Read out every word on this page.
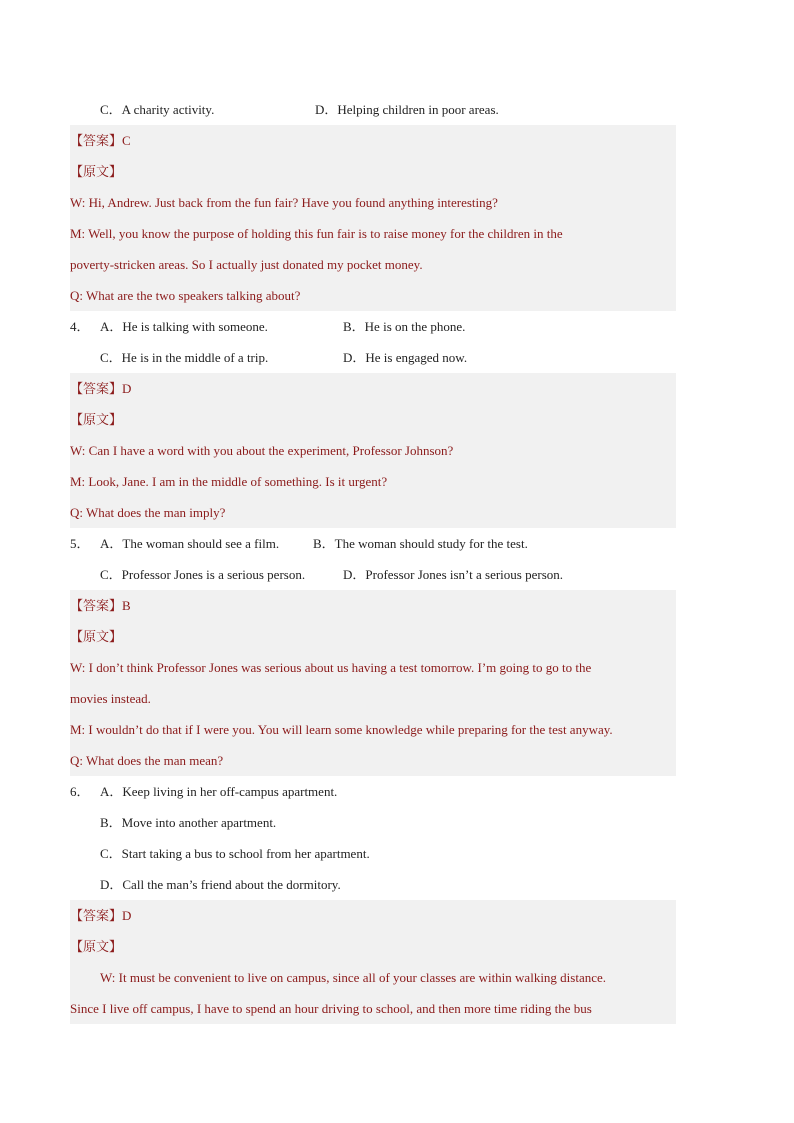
C．A charity activity.	D．Helping children in poor areas.
【答案】C
【原文】
W: Hi, Andrew. Just back from the fun fair? Have you found anything interesting?
M: Well, you know the purpose of holding this fun fair is to raise money for the children in the
poverty-stricken areas. So I actually just donated my pocket money.
Q: What are the two speakers talking about?
4． A．He is talking with someone.	B．He is on the phone.
C．He is in the middle of a trip.	D．He is engaged now.
【答案】D
【原文】
W: Can I have a word with you about the experiment, Professor Johnson?
M: Look, Jane. I am in the middle of something. Is it urgent?
Q: What does the man imply?
5． A．The woman should see a film.	B．The woman should study for the test.
C．Professor Jones is a serious person.	D．Professor Jones isn’t a serious person.
【答案】B
【原文】
W: I don’t think Professor Jones was serious about us having a test tomorrow. I’m going to go to the
movies instead.
M: I wouldn’t do that if I were you. You will learn some knowledge while preparing for the test anyway.
Q: What does the man mean?
6． A．Keep living in her off-campus apartment.
B．Move into another apartment.
C．Start taking a bus to school from her apartment.
D．Call the man’s friend about the dormitory.
【答案】D
【原文】
W: It must be convenient to live on campus, since all of your classes are within walking distance.
Since I live off campus, I have to spend an hour driving to school, and then more time riding the bus
